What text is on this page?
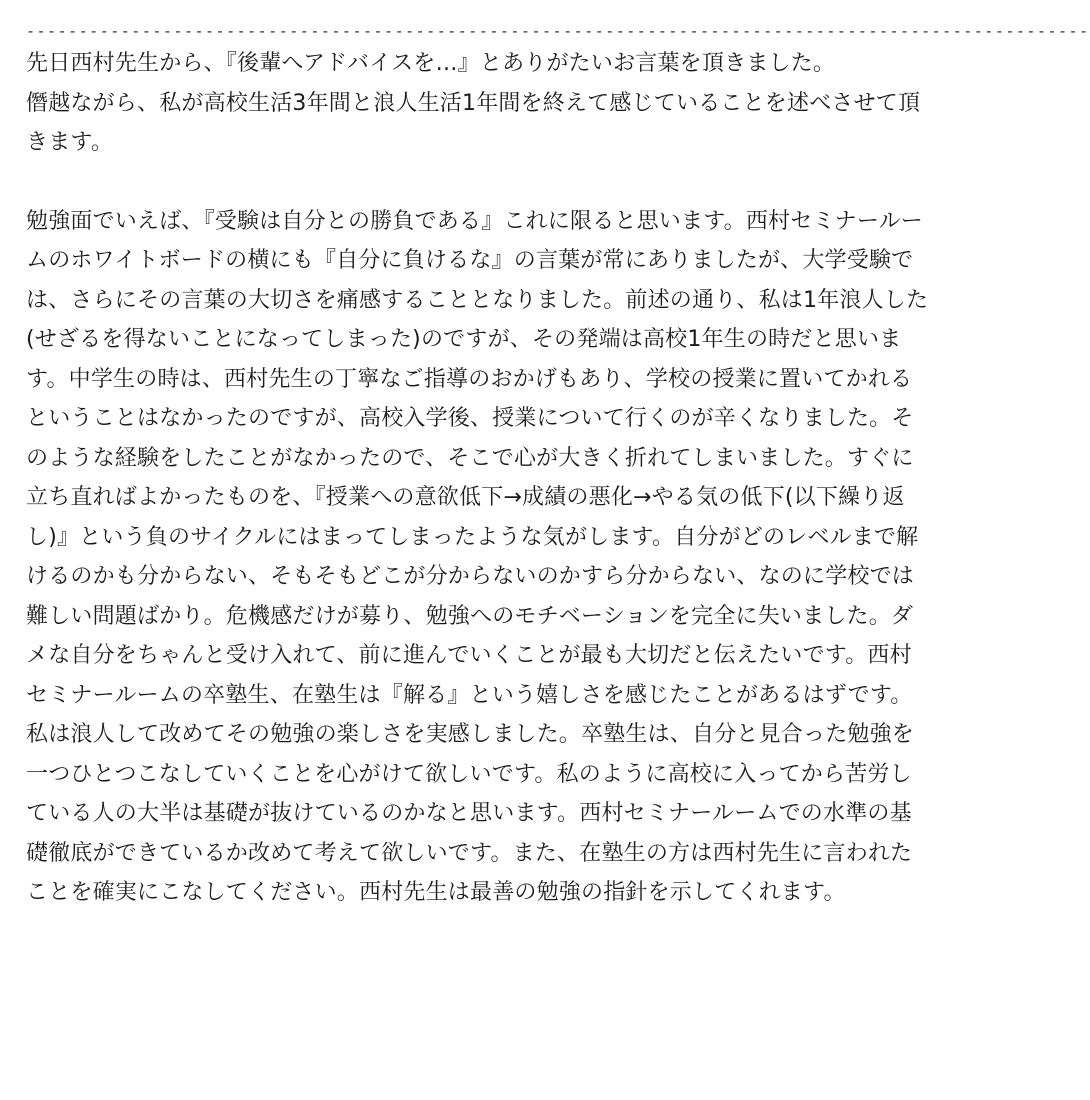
-----------------------------------------------------------------------------------------------------

先日西村先生から、『後輩へアドバイスを…』とありがたいお言葉を頂きました。

僭越ながら、私が高校生活3年間と浪人生活1年間を終えて感じていることを述べさせて頂きます。

勉強面でいえば、『受験は自分との勝負である』これに限ると思います。西村セミナールームのホワイトボードの横にも『自分に負けるな』の言葉が常にありましたが、大学受験では、さらにその言葉の大切さを痛感することとなりました。前述の通り、私は1年浪人した(せざるを得ないことになってしまった)のですが、その発端は高校1年生の時だと思います。中学生の時は、西村先生の丁寧なご指導のおかげもあり、学校の授業に置いてかれるということはなかったのですが、高校入学後、授業について行くのが辛くなりました。そのような経験をしたことがなかったので、そこで心が大きく折れてしまいました。すぐに立ち直ればよかったものを、『授業への意欲低下→成績の悪化→やる気の低下(以下繰り返し)』という負のサイクルにはまってしまったような気がします。自分がどのレベルまで解けるのかも分からない、そもそもどこが分からないのかすら分からない、なのに学校では難しい問題ばかり。危機感だけが募り、勉強へのモチベーションを完全に失いました。ダメな自分をちゃんと受け入れて、前に進んでいくことが最も大切だと伝えたいです。西村セミナールームの卒塾生、在塾生は『解る』という嬉しさを感じたことがあるはずです。私は浪人して改めてその勉強の楽しさを実感しました。卒塾生は、自分と見合った勉強を一つひとつこなしていくことを心がけて欲しいです。私のように高校に入ってから苦労している人の大半は基礎が抜けているのかなと思います。西村セミナールームでの水準の基礎徹底ができているか改めて考えて欲しいです。また、在塾生の方は西村先生に言われたことを確実にこなしてください。西村先生は最善の勉強の指針を示してくれます。
